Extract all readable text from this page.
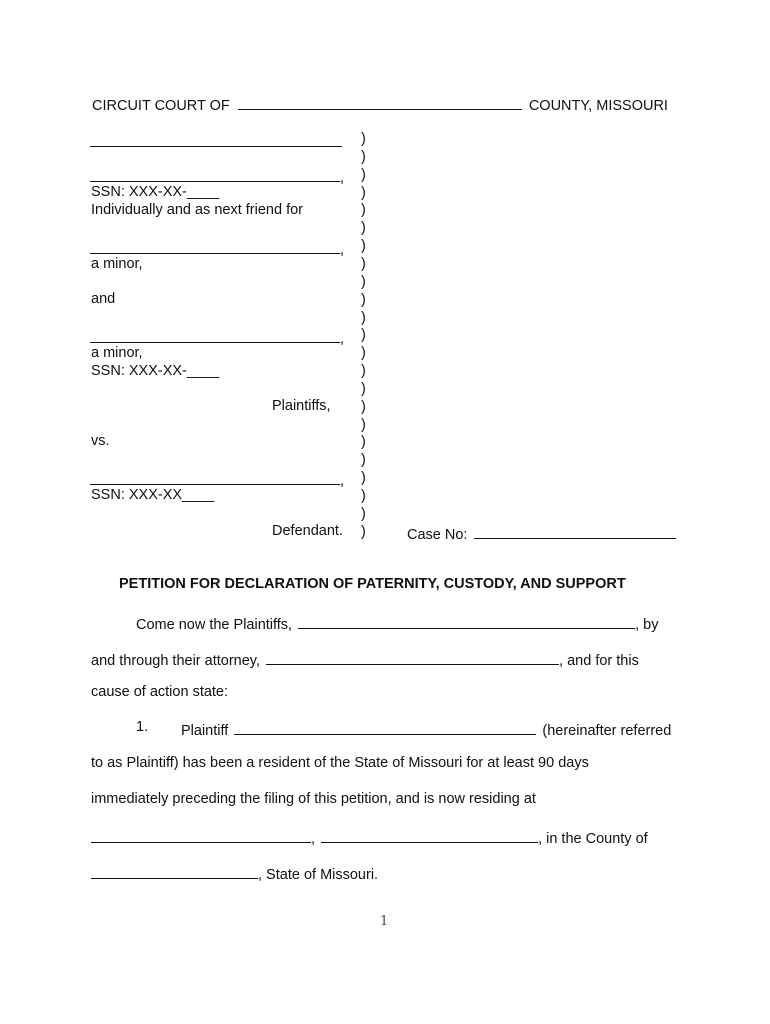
CIRCUIT COURT OF	COUNTY, MISSOURI
,
SSN: XXX-XX-____
Individually and as next friend for
,
a minor,
and
,
a minor,
SSN: XXX-XX-____
Plaintiffs,
vs.
,
SSN: XXX-XX____
Defendant.
)
)
)
)
)
)
)
)
)
)
)
)
)
)
)
)
)
)
)
)
)
)
)	Case No:
PETITION FOR DECLARATION OF PATERNITY, CUSTODY, AND SUPPORT
Come now the Plaintiffs,	, by
and through their attorney,	, and for this
cause of action state:
1. Plaintiff	(hereinafter referred
to as Plaintiff) has been a resident of the State of Missouri for at least 90 days
immediately preceding the filing of this petition, and is now residing at
,	, in the County of
, State of Missouri.
1
